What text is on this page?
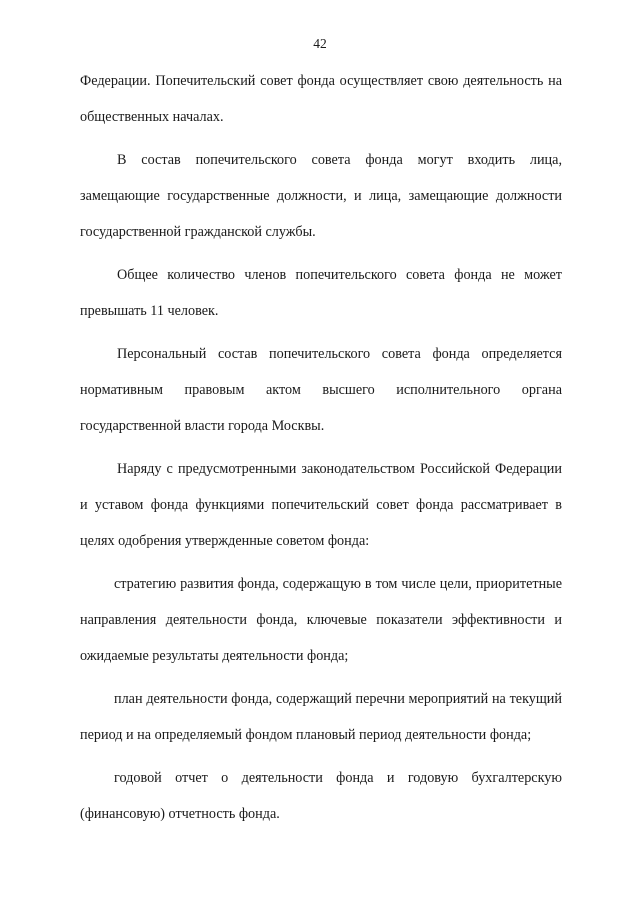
42

Федерации. Попечительский совет фонда осуществляет свою деятельность на общественных началах.

В состав попечительского совета фонда могут входить лица, замещающие государственные должности, и лица, замещающие должности государственной гражданской службы.

Общее количество членов попечительского совета фонда не может превышать 11 человек.

Персональный состав попечительского совета фонда определяется нормативным правовым актом высшего исполнительного органа государственной власти города Москвы.

Наряду с предусмотренными законодательством Российской Федерации и уставом фонда функциями попечительский совет фонда рассматривает в целях одобрения утвержденные советом фонда:

стратегию развития фонда, содержащую в том числе цели, приоритетные направления деятельности фонда, ключевые показатели эффективности и ожидаемые результаты деятельности фонда;

план деятельности фонда, содержащий перечни мероприятий на текущий период и на определяемый фондом плановый период деятельности фонда;

годовой отчет о деятельности фонда и годовую бухгалтерскую (финансовую) отчетность фонда.
